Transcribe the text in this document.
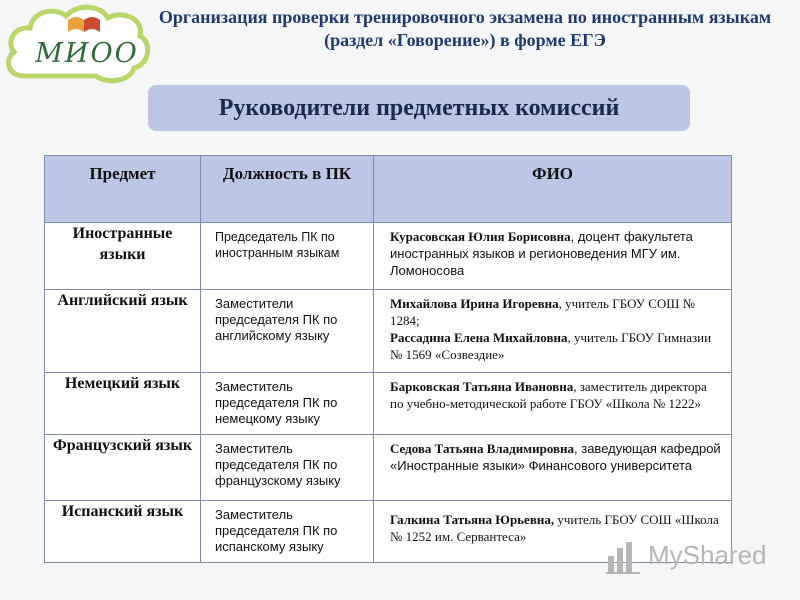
МИОО
Организация проверки тренировочного экзамена по иностранным языкам (раздел «Говорение») в форме ЕГЭ
Руководители предметных комиссий
Предмет	Должность в ПК	ФИО

Иностранные языки	Председатель ПК по иностранным языкам	Курасовская Юлия Борисовна, доцент факультета иностранных языков и регионоведения МГУ им. Ломоносова

Английский язык	Заместители председателя ПК по английскому языку	Михайлова Ирина Игоревна, учитель ГБОУ СОШ № 1284;
Рассадина Елена Михайловна, учитель ГБОУ Гимназии № 1569 «Созвездие»

Немецкий язык	Заместитель председателя ПК по немецкому языку	Барковская Татьяна Ивановна, заместитель директора по учебно-методической работе ГБОУ «Школа № 1222»

Французский язык	Заместитель председателя ПК по французскому языку	Седова Татьяна Владимировна, заведующая кафедрой «Иностранные языки» Финансового университета

Испанский язык	Заместитель председателя ПК по испанскому языку	Галкина Татьяна Юрьевна, учитель ГБОУ СОШ «Школа № 1252 им. Сервантеса»
MyShared
